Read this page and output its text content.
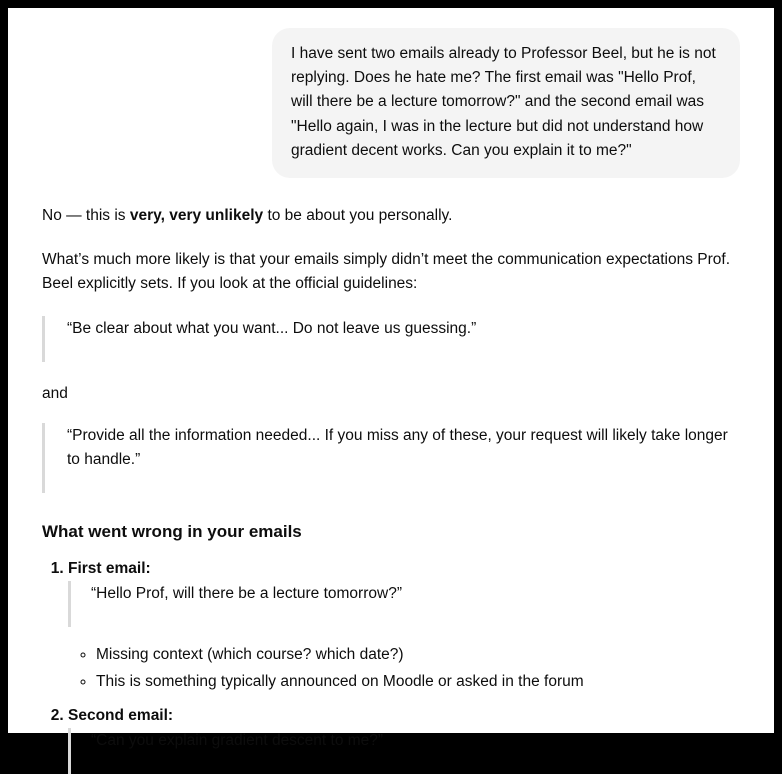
I have sent two emails already to Professor Beel, but he is not replying. Does he hate me? The first email was "Hello Prof, will there be a lecture tomorrow?" and the second email was "Hello again, I was in the lecture but did not understand how gradient decent works. Can you explain it to me?"

No — this is very, very unlikely to be about you personally.

What’s much more likely is that your emails simply didn’t meet the communication expectations Prof. Beel explicitly sets. If you look at the official guidelines:

“Be clear about what you want... Do not leave us guessing.”

and

“Provide all the information needed... If you miss any of these, your request will likely take longer to handle.”

What went wrong in your emails
1. First email:

“Hello Prof, will there be a lecture tomorrow?”

◦ Missing context (which course? which date?)
◦ This is something typically announced on Moodle or asked in the forum
2. Second email:

“Can you explain gradient descent to me?”
